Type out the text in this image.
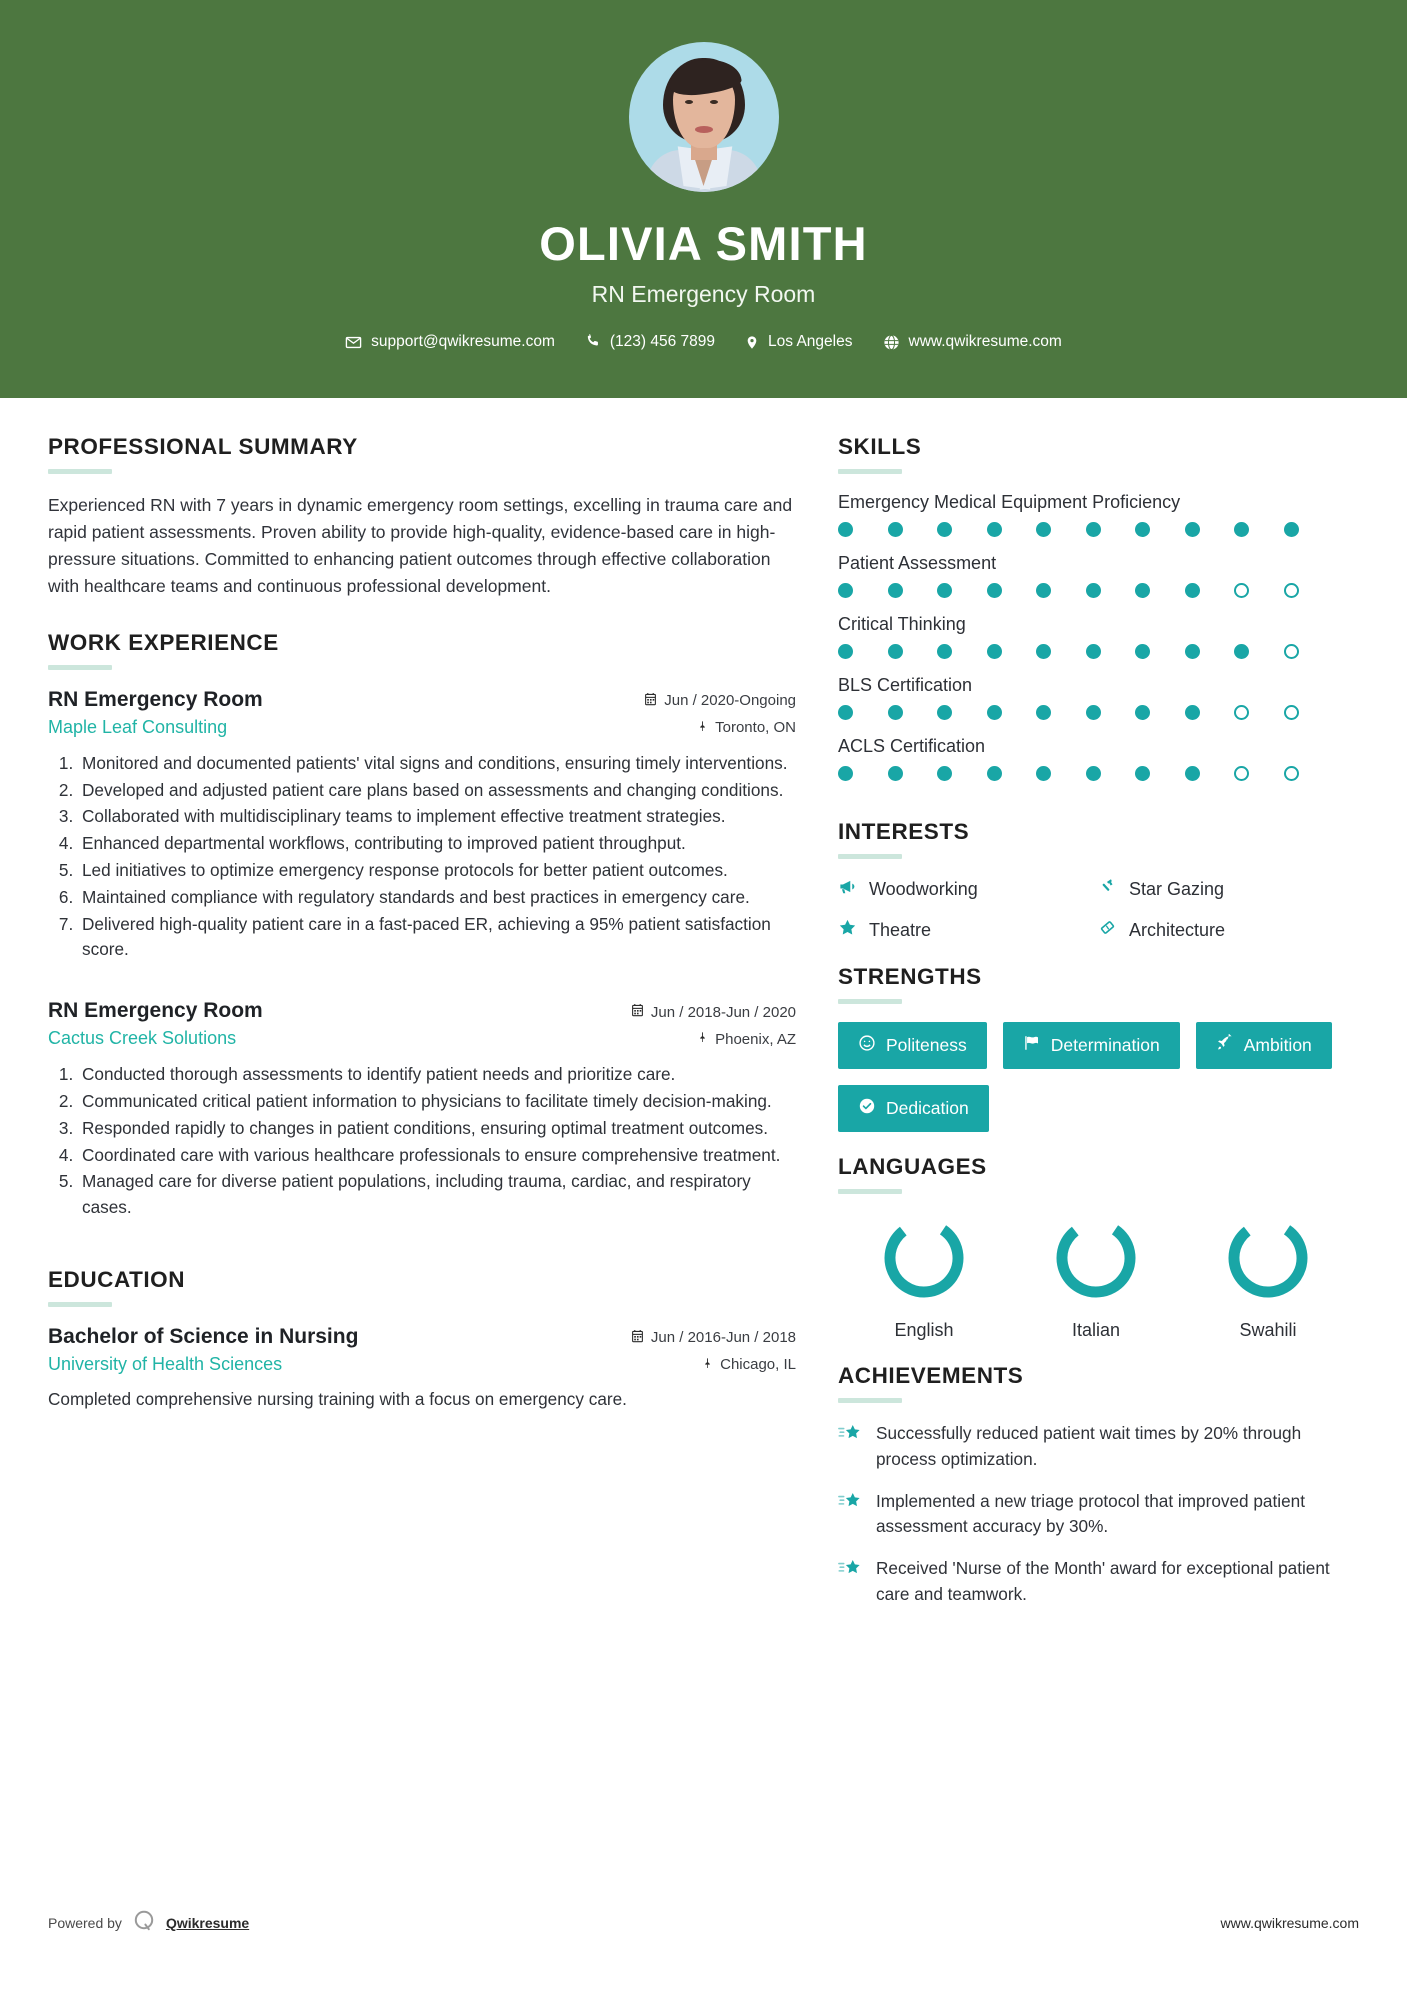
OLIVIA SMITH
RN Emergency Room
support@qwikresume.com	(123) 456 7899	Los Angeles	www.qwikresume.com
PROFESSIONAL SUMMARY
Experienced RN with 7 years in dynamic emergency room settings, excelling in trauma care and rapid patient assessments. Proven ability to provide high-quality, evidence-based care in high-pressure situations. Committed to enhancing patient outcomes through effective collaboration with healthcare teams and continuous professional development.
WORK EXPERIENCE
RN Emergency Room	Jun / 2020-Ongoing
Maple Leaf Consulting	Toronto, ON
1. Monitored and documented patients' vital signs and conditions, ensuring timely interventions.
2. Developed and adjusted patient care plans based on assessments and changing conditions.
3. Collaborated with multidisciplinary teams to implement effective treatment strategies.
4. Enhanced departmental workflows, contributing to improved patient throughput.
5. Led initiatives to optimize emergency response protocols for better patient outcomes.
6. Maintained compliance with regulatory standards and best practices in emergency care.
7. Delivered high-quality patient care in a fast-paced ER, achieving a 95% patient satisfaction score.
RN Emergency Room	Jun / 2018-Jun / 2020
Cactus Creek Solutions	Phoenix, AZ
1. Conducted thorough assessments to identify patient needs and prioritize care.
2. Communicated critical patient information to physicians to facilitate timely decision-making.
3. Responded rapidly to changes in patient conditions, ensuring optimal treatment outcomes.
4. Coordinated care with various healthcare professionals to ensure comprehensive treatment.
5. Managed care for diverse patient populations, including trauma, cardiac, and respiratory cases.
EDUCATION
Bachelor of Science in Nursing	Jun / 2016-Jun / 2018
University of Health Sciences	Chicago, IL
Completed comprehensive nursing training with a focus on emergency care.
SKILLS
Emergency Medical Equipment Proficiency
Patient Assessment
Critical Thinking
BLS Certification
ACLS Certification
INTERESTS
Woodworking	Star Gazing
Theatre	Architecture
STRENGTHS
Politeness	Determination	Ambition
Dedication
LANGUAGES
English	Italian	Swahili
ACHIEVEMENTS
Successfully reduced patient wait times by 20% through process optimization.
Implemented a new triage protocol that improved patient assessment accuracy by 30%.
Received 'Nurse of the Month' award for exceptional patient care and teamwork.
Powered by	Qwikresume	www.qwikresume.com
